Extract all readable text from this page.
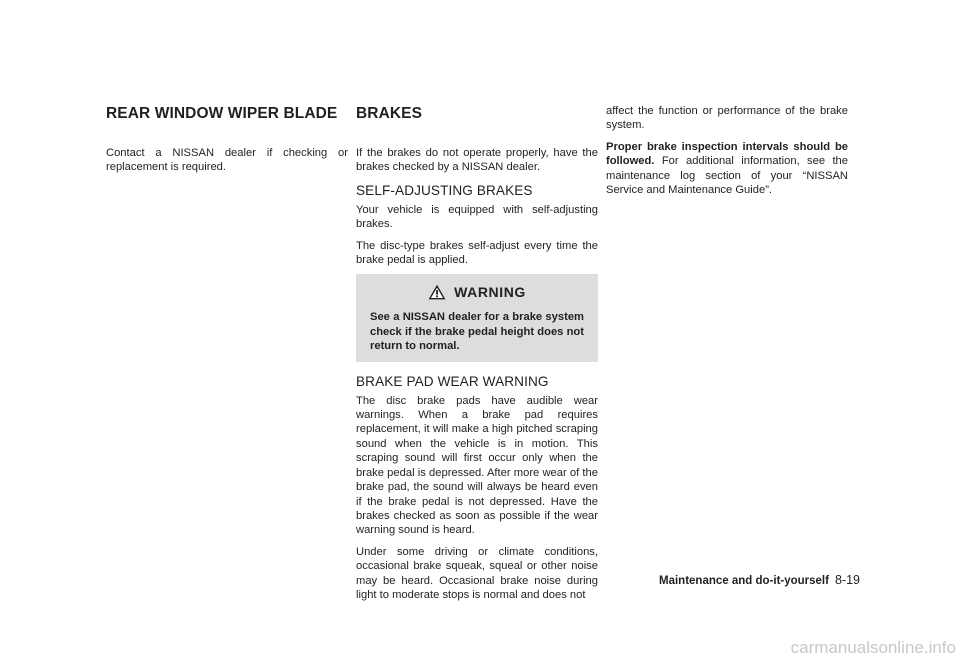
REAR WINDOW WIPER BLADE

Contact a NISSAN dealer if checking or replacement is required.

BRAKES

If the brakes do not operate properly, have the brakes checked by a NISSAN dealer.

SELF-ADJUSTING BRAKES

Your vehicle is equipped with self-adjusting brakes.

The disc-type brakes self-adjust every time the brake pedal is applied.

WARNING

See a NISSAN dealer for a brake system check if the brake pedal height does not return to normal.

BRAKE PAD WEAR WARNING

The disc brake pads have audible wear warnings. When a brake pad requires replacement, it will make a high pitched scraping sound when the vehicle is in motion. This scraping sound will first occur only when the brake pedal is depressed. After more wear of the brake pad, the sound will always be heard even if the brake pedal is not depressed. Have the brakes checked as soon as possible if the wear warning sound is heard.

Under some driving or climate conditions, occasional brake squeak, squeal or other noise may be heard. Occasional brake noise during light to moderate stops is normal and does not

affect the function or performance of the brake system.

Proper brake inspection intervals should be followed. For additional information, see the maintenance log section of your “NISSAN Service and Maintenance Guide”.

Maintenance and do-it-yourself 8-19
carmanualsonline.info
